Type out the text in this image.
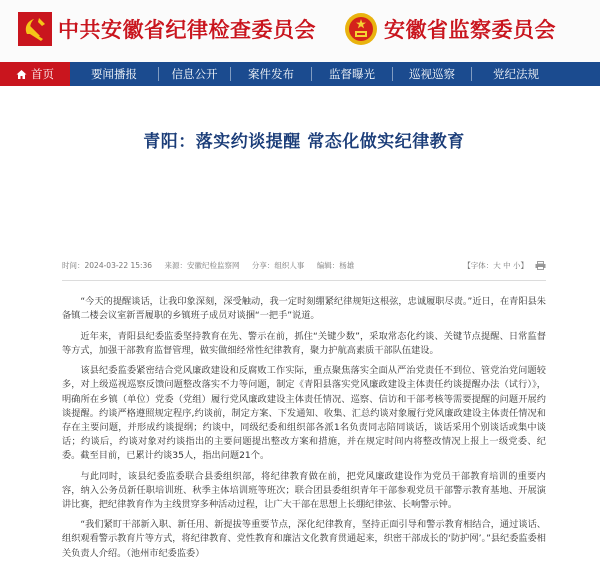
中共安徽省纪律检查委员会	安徽省监察委员会
首页	要闻播报	信息公开	案件发布	监督曝光	巡视巡察	党纪法规
青阳：落实约谈提醒 常态化做实纪律教育
时间：2024-03-22 15:36 来源：安徽纪检监察网 分享：组织人事 编辑：杨雄	【字体：大 中 小】

“今天的提醒谈话，让我印象深刻，深受触动，我一定时刻绷紧纪律规矩这根弦，忠诚履职尽责。”近日，在青阳县朱备镇二楼会议室新晋履职的乡镇班子成员对谈捆“一把手”说道。

近年来，青阳县纪委监委坚持教育在先、警示在前，抓住“关键少数”，采取常态化约谈、关键节点提醒、日常监督等方式，加强干部教育监督管理，做实做细经常性纪律教育，聚力护航高素质干部队伍建设。

该县纪委监委紧密结合党风廉政建设和反腐败工作实际，重点聚焦落实全面从严治党责任不到位、管党治党问题较多，对上级巡视巡察反馈问题整改落实不力等问题，制定《青阳县落实党风廉政建设主体责任约谈提醒办法（试行）》，明确所在乡镇（单位）党委（党组）履行党风廉政建设主体责任情况、巡察、信访和干部考核等需要提醒的问题开展约谈提醒。约谈严格遵照规定程序,约谈前，制定方案、下发通知、收集、汇总约谈对象履行党风廉政建设主体责任情况和存在主要问题，并形成约谈提纲；约谈中，同级纪委和组织部各派1名负责同志陪同谈话，谈话采用个别谈话或集中谈话；约谈后，约谈对象对约谈指出的主要问题提出整改方案和措施，并在规定时间内将整改情况上报上一级党委、纪委。截至目前，已累计约谈35人，指出问题21个。

与此同时，该县纪委监委联合县委组织部，将纪律教育做在前，把党风廉政建设作为党员干部教育培训的重要内容，纳入公务员新任职培训班、秋季主体培训班等班次；联合团县委组织青年干部参观党员干部警示教育基地、开展演讲比赛，把纪律教育作为主线贯穿多种活动过程，让广大干部在思想上长绷纪律弦、长响警示钟。

“我们紧盯干部新入职、新任用、新提拔等重要节点，深化纪律教育，坚持正面引导和警示教育相结合，通过谈话、组织观看警示教育片等方式，将纪律教育、党性教育和廉洁文化教育贯通起来，织密干部成长的‘防护网’。”县纪委监委相关负责人介绍。（池州市纪委监委）
